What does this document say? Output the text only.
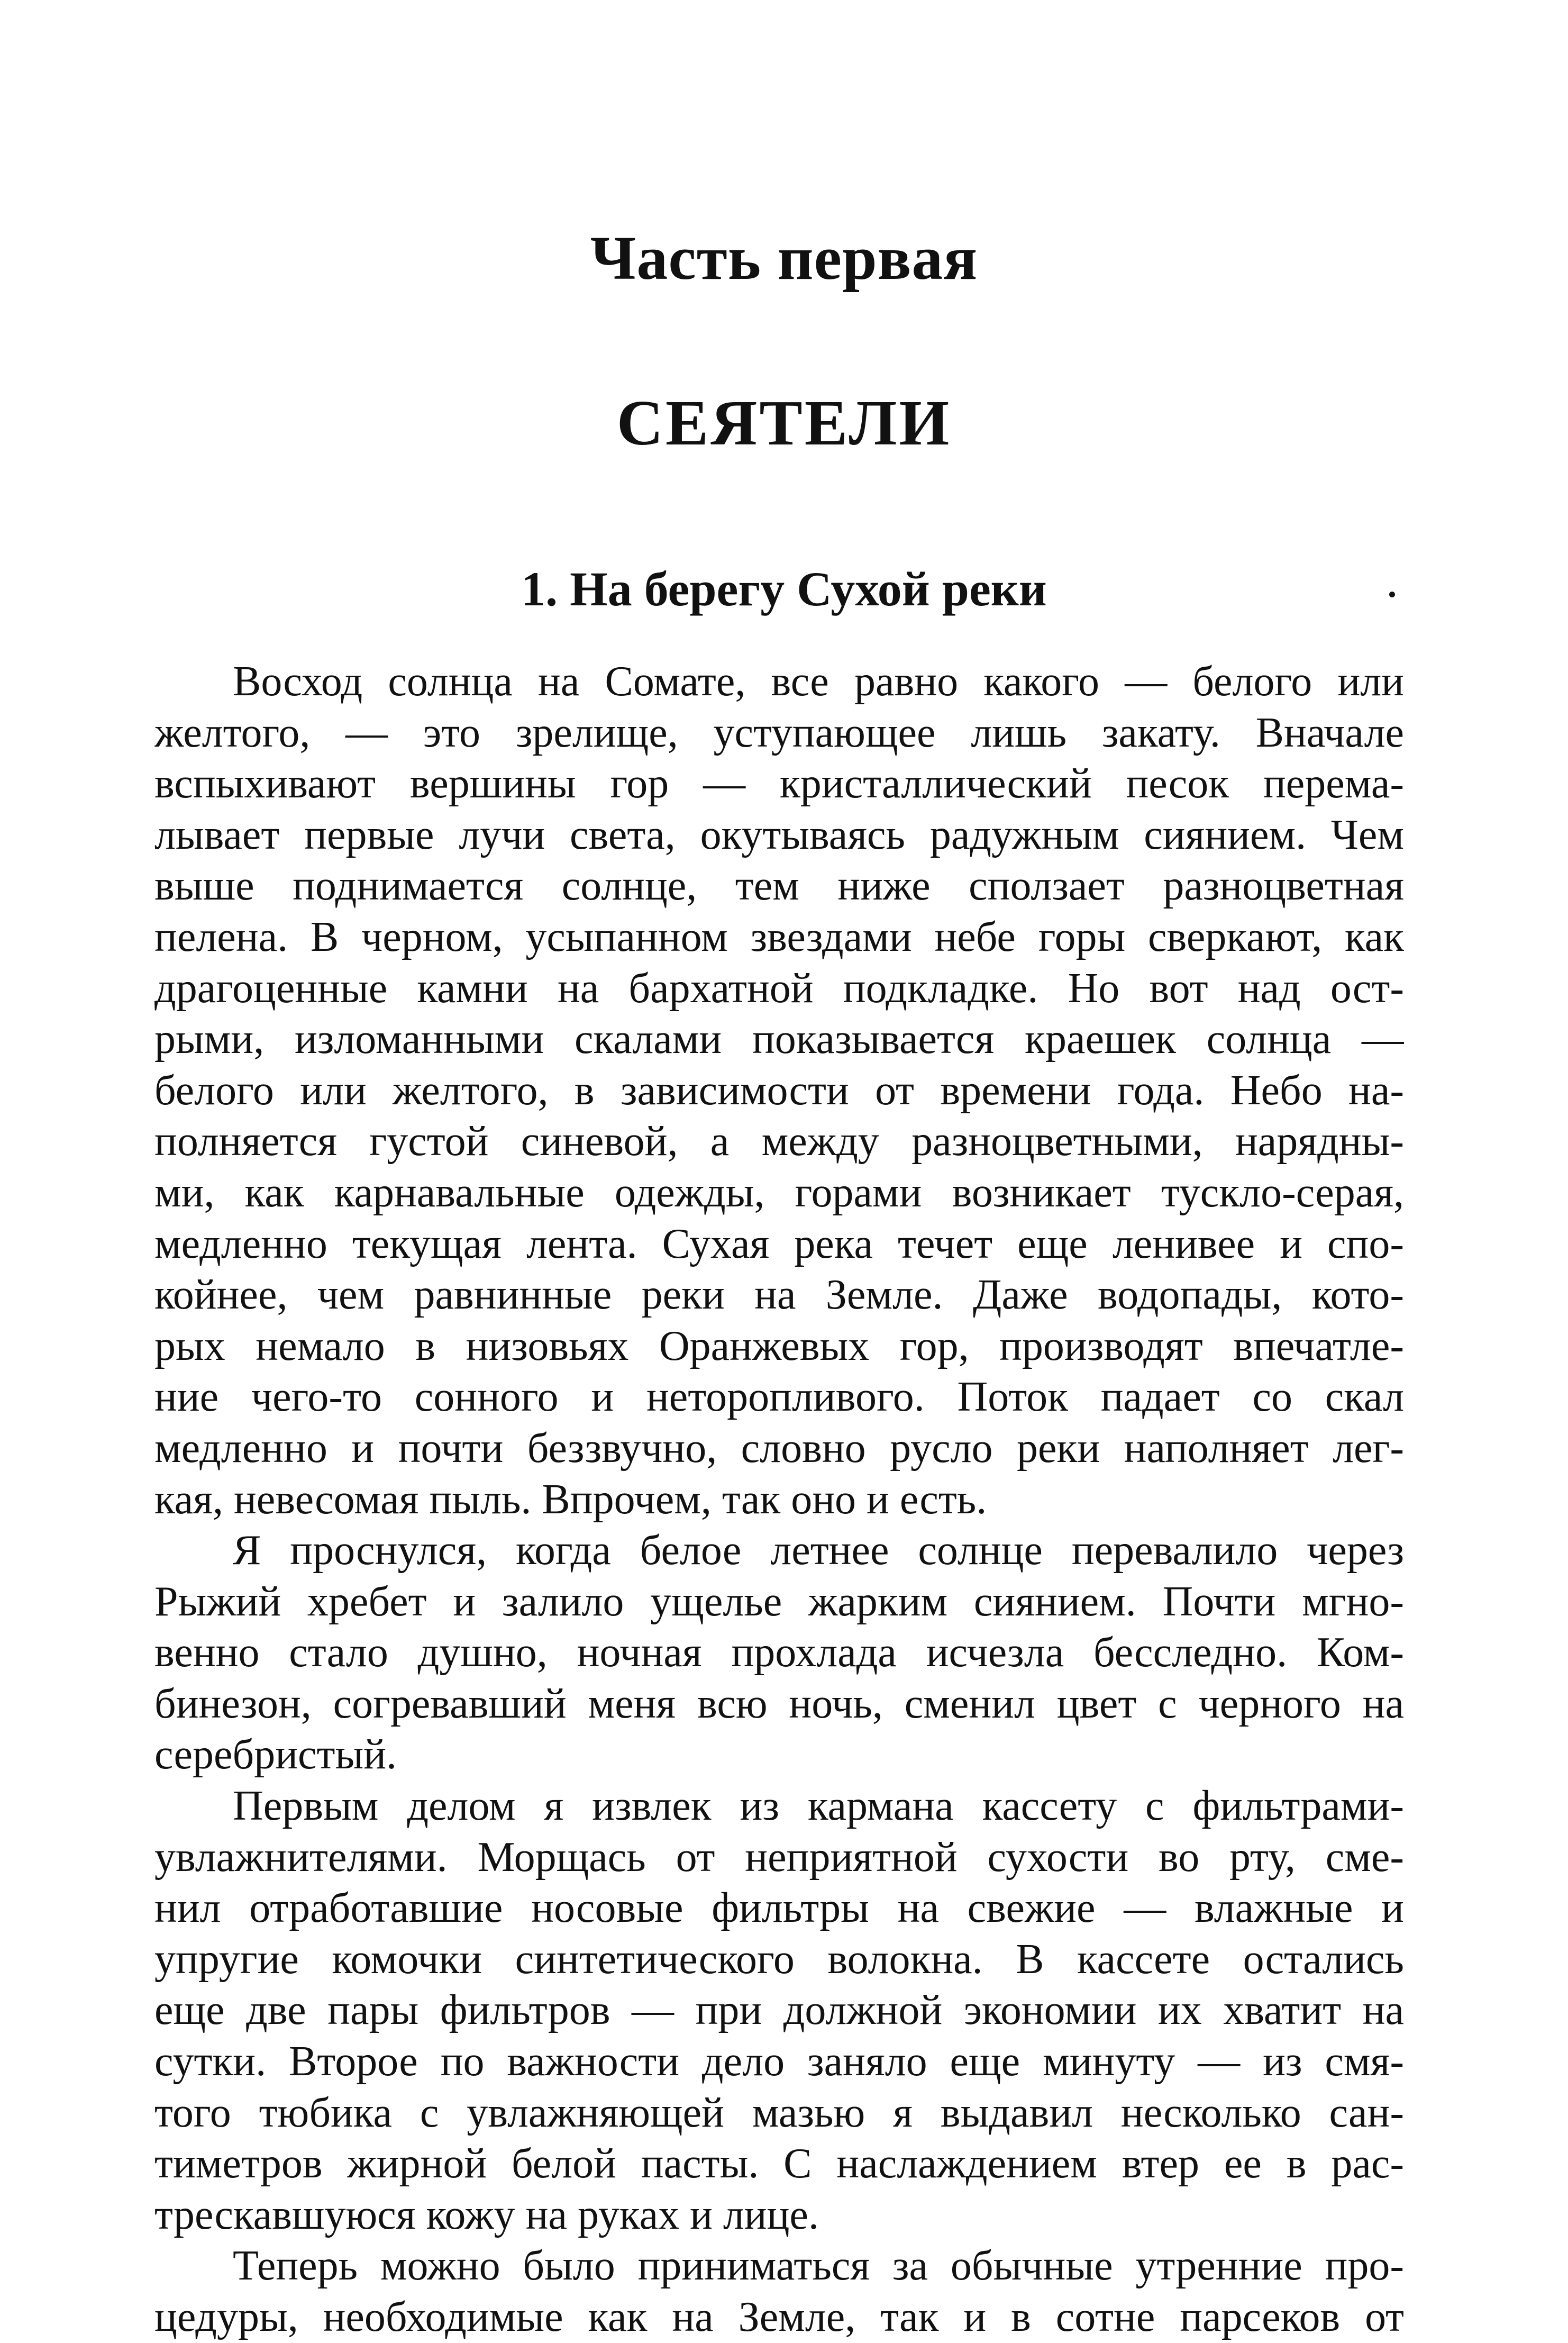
Часть первая
СЕЯТЕЛИ
1. На берегу Сухой реки
Восход солнца на Сомате, все равно какого — белого или
желтого, — это зрелище, уступающее лишь закату. Вначале
вспыхивают вершины гор — кристаллический песок перема-
лывает первые лучи света, окутываясь радужным сиянием. Чем
выше поднимается солнце, тем ниже сползает разноцветная
пелена. В черном, усыпанном звездами небе горы сверкают, как
драгоценные камни на бархатной подкладке. Но вот над ост-
рыми, изломанными скалами показывается краешек солнца —
белого или желтого, в зависимости от времени года. Небо на-
полняется густой синевой, а между разноцветными, нарядны-
ми, как карнавальные одежды, горами возникает тускло-серая,
медленно текущая лента. Сухая река течет еще ленивее и спо-
койнее, чем равнинные реки на Земле. Даже водопады, кото-
рых немало в низовьях Оранжевых гор, производят впечатле-
ние чего-то сонного и неторопливого. Поток падает со скал
медленно и почти беззвучно, словно русло реки наполняет лег-
кая, невесомая пыль. Впрочем, так оно и есть.
Я проснулся, когда белое летнее солнце перевалило через
Рыжий хребет и залило ущелье жарким сиянием. Почти мгно-
венно стало душно, ночная прохлада исчезла бесследно. Ком-
бинезон, согревавший меня всю ночь, сменил цвет с черного на
серебристый.
Первым делом я извлек из кармана кассету с фильтрами-
увлажнителями. Морщась от неприятной сухости во рту, сме-
нил отработавшие носовые фильтры на свежие — влажные и
упругие комочки синтетического волокна. В кассете остались
еще две пары фильтров — при должной экономии их хватит на
сутки. Второе по важности дело заняло еще минуту — из смя-
того тюбика с увлажняющей мазью я выдавил несколько сан-
тиметров жирной белой пасты. С наслаждением втер ее в рас-
трескавшуюся кожу на руках и лице.
Теперь можно было приниматься за обычные утренние про-
цедуры, необходимые как на Земле, так и в сотне парсеков от
